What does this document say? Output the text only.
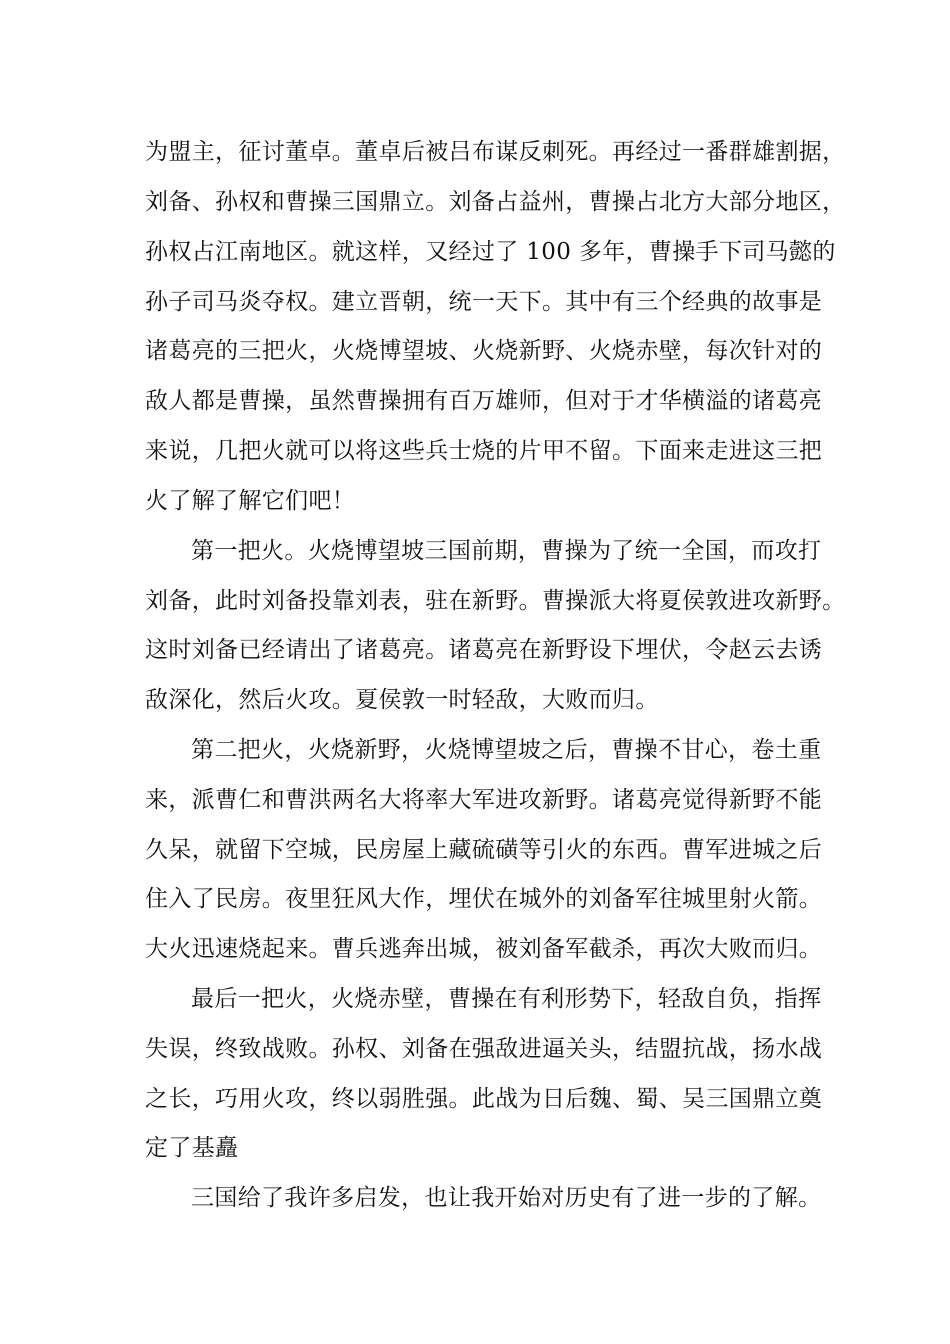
为盟主，征讨董卓。董卓后被吕布谋反刺死。再经过一番群雄割据，
刘备、孙权和曹操三国鼎立。刘备占益州，曹操占北方大部分地区，
孙权占江南地区。就这样，又经过了 100 多年，曹操手下司马懿的
孙子司马炎夺权。建立晋朝，统一天下。其中有三个经典的故事是
诸葛亮的三把火，火烧博望坡、火烧新野、火烧赤壁，每次针对的
敌人都是曹操，虽然曹操拥有百万雄师，但对于才华横溢的诸葛亮
来说，几把火就可以将这些兵士烧的片甲不留。下面来走进这三把
火了解了解它们吧！
第一把火。火烧博望坡三国前期，曹操为了统一全国，而攻打
刘备，此时刘备投靠刘表，驻在新野。曹操派大将夏侯敦进攻新野。
这时刘备已经请出了诸葛亮。诸葛亮在新野设下埋伏，令赵云去诱
敌深化，然后火攻。夏侯敦一时轻敌，大败而归。
第二把火，火烧新野，火烧博望坡之后，曹操不甘心，卷土重
来，派曹仁和曹洪两名大将率大军进攻新野。诸葛亮觉得新野不能
久呆，就留下空城，民房屋上藏硫磺等引火的东西。曹军进城之后
住入了民房。夜里狂风大作，埋伏在城外的刘备军往城里射火箭。
大火迅速烧起来。曹兵逃奔出城，被刘备军截杀，再次大败而归。
最后一把火，火烧赤壁，曹操在有利形势下，轻敌自负，指挥
失误，终致战败。孙权、刘备在强敌进逼关头，结盟抗战，扬水战
之长，巧用火攻，终以弱胜强。此战为日后魏、蜀、吴三国鼎立奠
定了基矗
三国给了我许多启发，也让我开始对历史有了进一步的了解。
